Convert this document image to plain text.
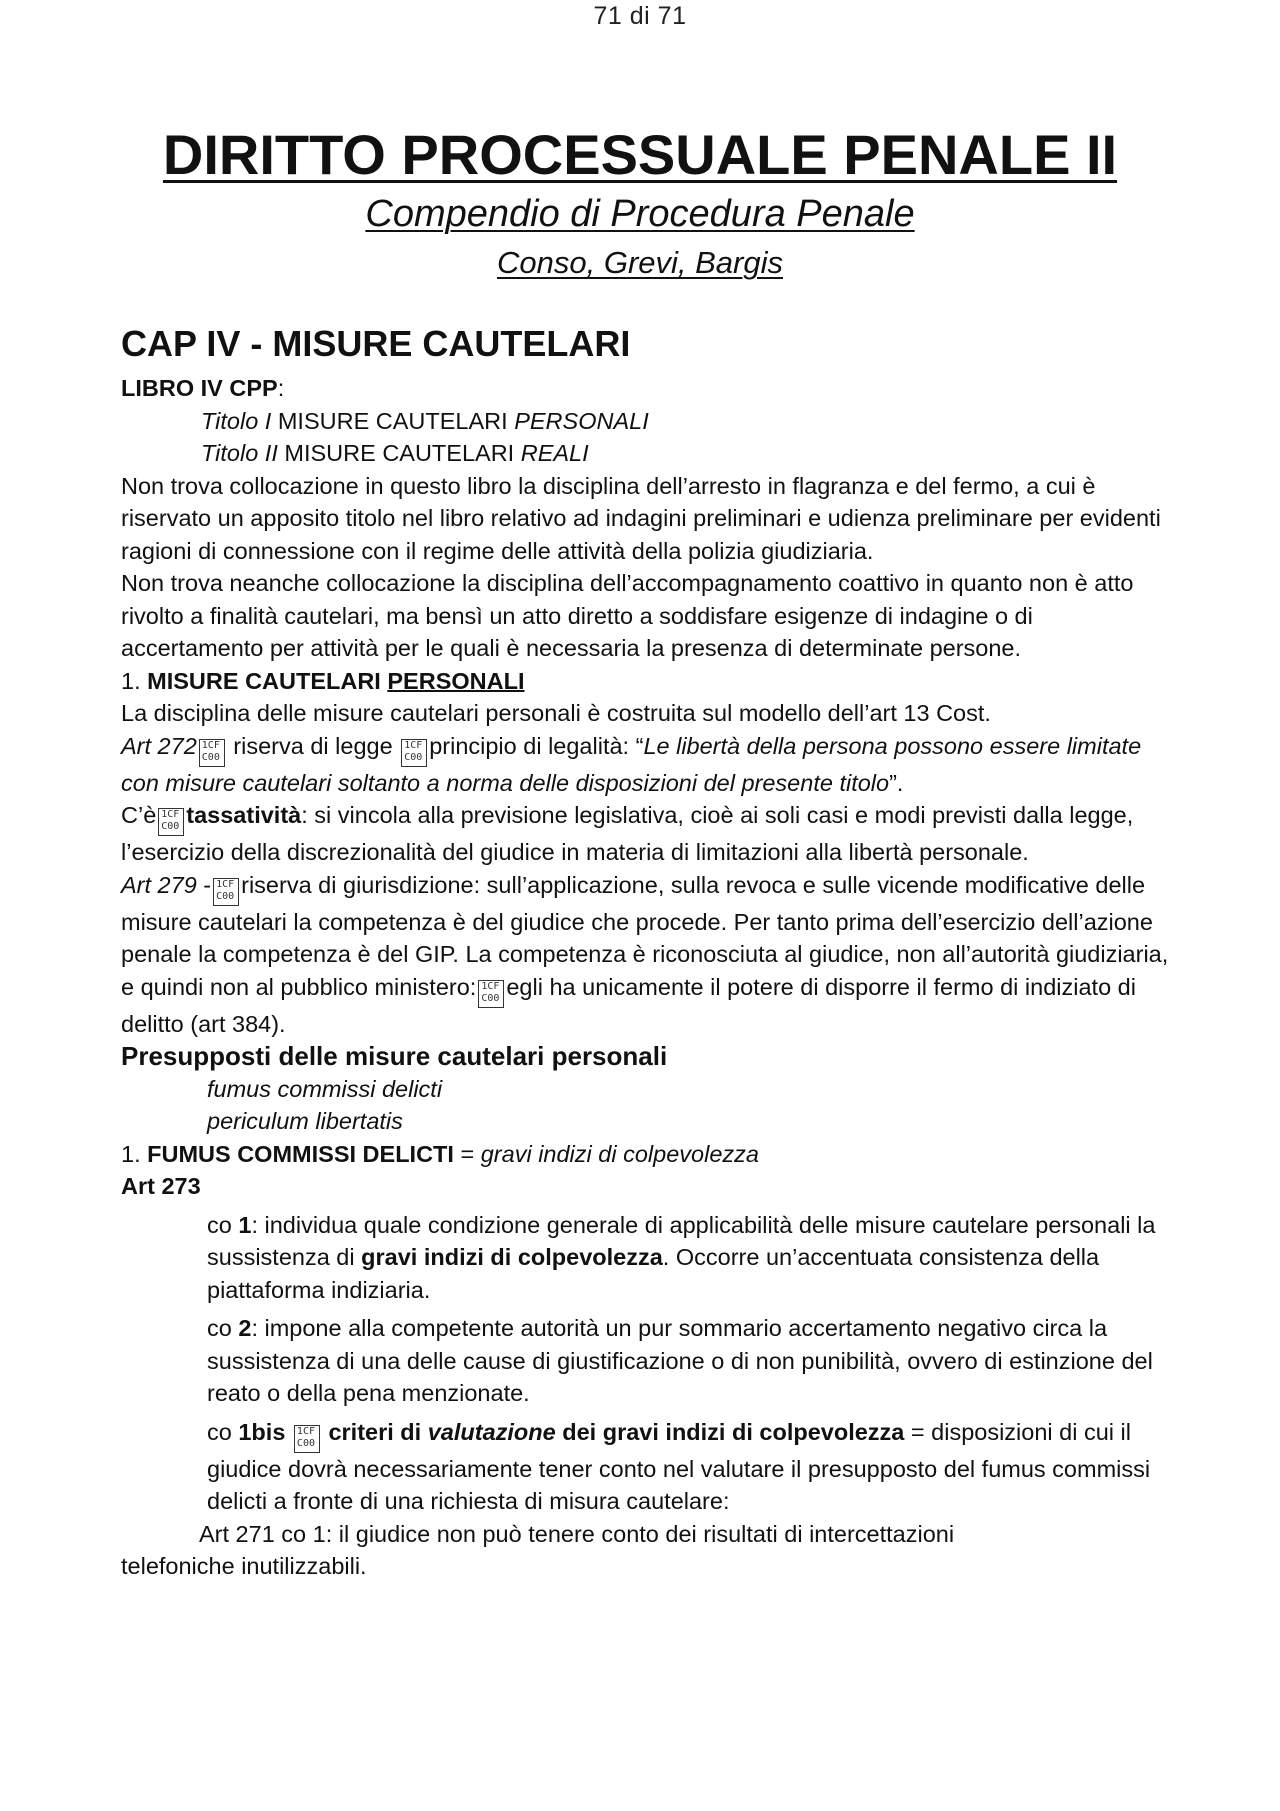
71 di 71
DIRITTO PROCESSUALE PENALE II
Compendio di Procedura Penale
Conso, Grevi, Bargis

CAP IV - MISURE CAUTELARI

LIBRO IV CPP:

Titolo I MISURE CAUTELARI PERSONALI

Titolo II MISURE CAUTELARI REALI

Non trova collocazione in questo libro la disciplina dell’arresto in flagranza e del fermo, a cui è riservato un apposito titolo nel libro relativo ad indagini preliminari e udienza preliminare per evidenti ragioni di connessione con il regime delle attività della polizia giudiziaria.

Non trova neanche collocazione la disciplina dell’accompagnamento coattivo in quanto non è atto rivolto a finalità cautelari, ma bensì un atto diretto a soddisfare esigenze di indagine o di accertamento per attività per le quali è necessaria la presenza di determinate persone.

1. MISURE CAUTELARI PERSONALI

La disciplina delle misure cautelari personali è costruita sul modello dell’art 13 Cost.

Art 272 1CF
C00 riserva di legge 1CF
C00 principio di legalità: “Le libertà della persona possono essere limitate con misure cautelari soltanto a norma delle disposizioni del presente titolo”.

C’è 1CF
C00 tassatività: si vincola alla previsione legislativa, cioè ai soli casi e modi previsti dalla legge, l’esercizio della discrezionalità del giudice in materia di limitazioni alla libertà personale.

Art 279 - 1CF
C00 riserva di giurisdizione: sull’applicazione, sulla revoca e sulle vicende modificative delle misure cautelari la competenza è del giudice che procede. Per tanto prima dell’esercizio dell’azione penale la competenza è del GIP. La competenza è riconosciuta al giudice, non all’autorità giudiziaria, e quindi non al pubblico ministero: 1CF
C00 egli ha unicamente il potere di disporre il fermo di indiziato di delitto (art 384).

Presupposti delle misure cautelari personali

fumus commissi delicti

periculum libertatis

1. FUMUS COMMISSI DELICTI = gravi indizi di colpevolezza

Art 273

co 1: individua quale condizione generale di applicabilità delle misure cautelare personali la sussistenza di gravi indizi di colpevolezza. Occorre un’accentuata consistenza della piattaforma indiziaria.

co 2: impone alla competente autorità un pur sommario accertamento negativo circa la sussistenza di una delle cause di giustificazione o di non punibilità, ovvero di estinzione del reato o della pena menzionate.

co 1bis 1CF
C00 criteri di valutazione dei gravi indizi di colpevolezza = disposizioni di cui il giudice dovrà necessariamente tener conto nel valutare il presupposto del fumus commissi delicti a fronte di una richiesta di misura cautelare:

Art 271 co 1: il giudice non può tenere conto dei risultati di intercettazioni

telefoniche inutilizzabili.
